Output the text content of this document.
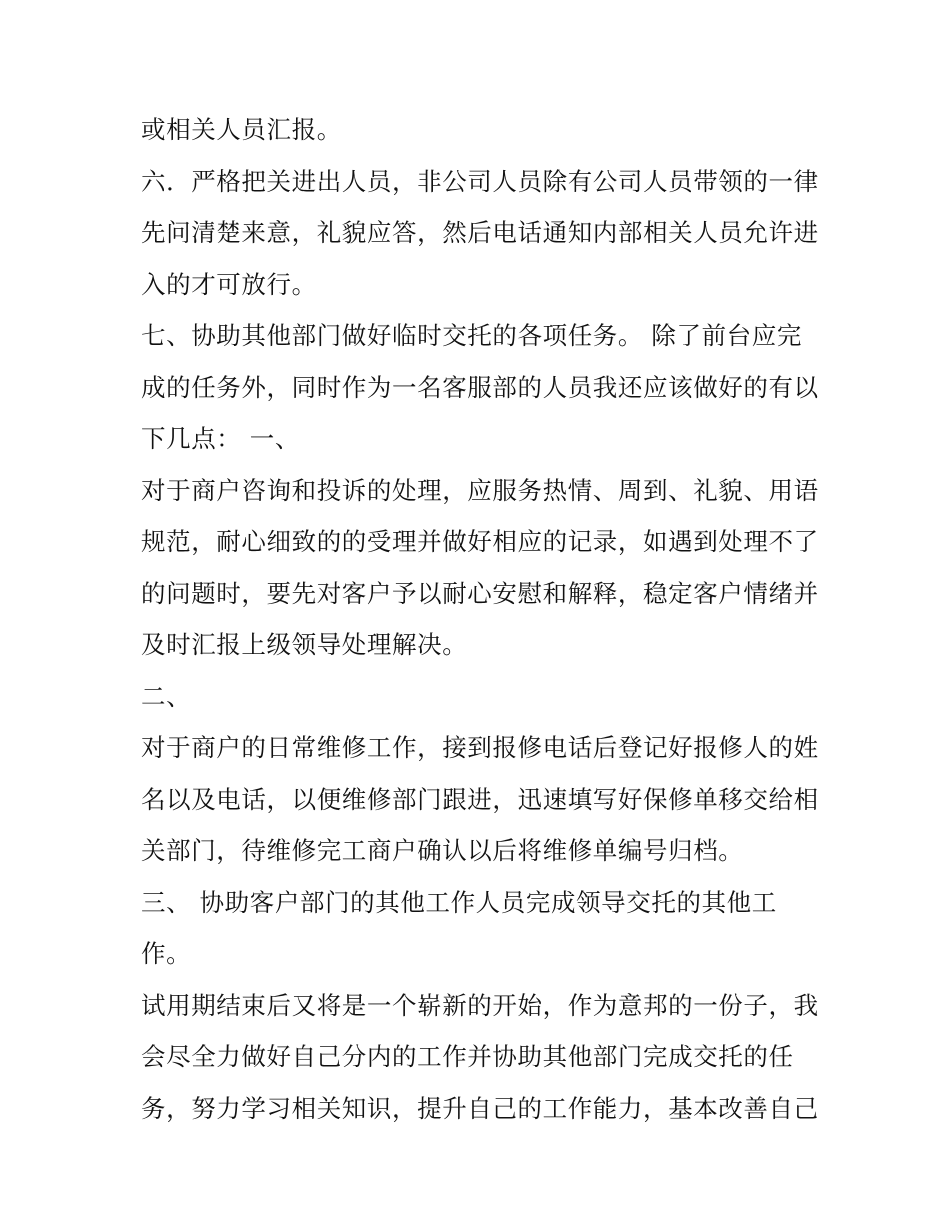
或相关人员汇报。
六．严格把关进出人员，非公司人员除有公司人员带领的一律
先问清楚来意，礼貌应答，然后电话通知内部相关人员允许进
入的才可放行。
七、协助其他部门做好临时交托的各项任务。 除了前台应完
成的任务外，同时作为一名客服部的人员我还应该做好的有以
下几点： 一、
对于商户咨询和投诉的处理，应服务热情、周到、礼貌、用语
规范，耐心细致的的受理并做好相应的记录，如遇到处理不了
的问题时，要先对客户予以耐心安慰和解释，稳定客户情绪并
及时汇报上级领导处理解决。
二、
对于商户的日常维修工作，接到报修电话后登记好报修人的姓
名以及电话，以便维修部门跟进，迅速填写好保修单移交给相
关部门，待维修完工商户确认以后将维修单编号归档。
三、 协助客户部门的其他工作人员完成领导交托的其他工
作。
试用期结束后又将是一个崭新的开始，作为意邦的一份子，我
会尽全力做好自己分内的工作并协助其他部门完成交托的任
务，努力学习相关知识，提升自己的工作能力，基本改善自己
